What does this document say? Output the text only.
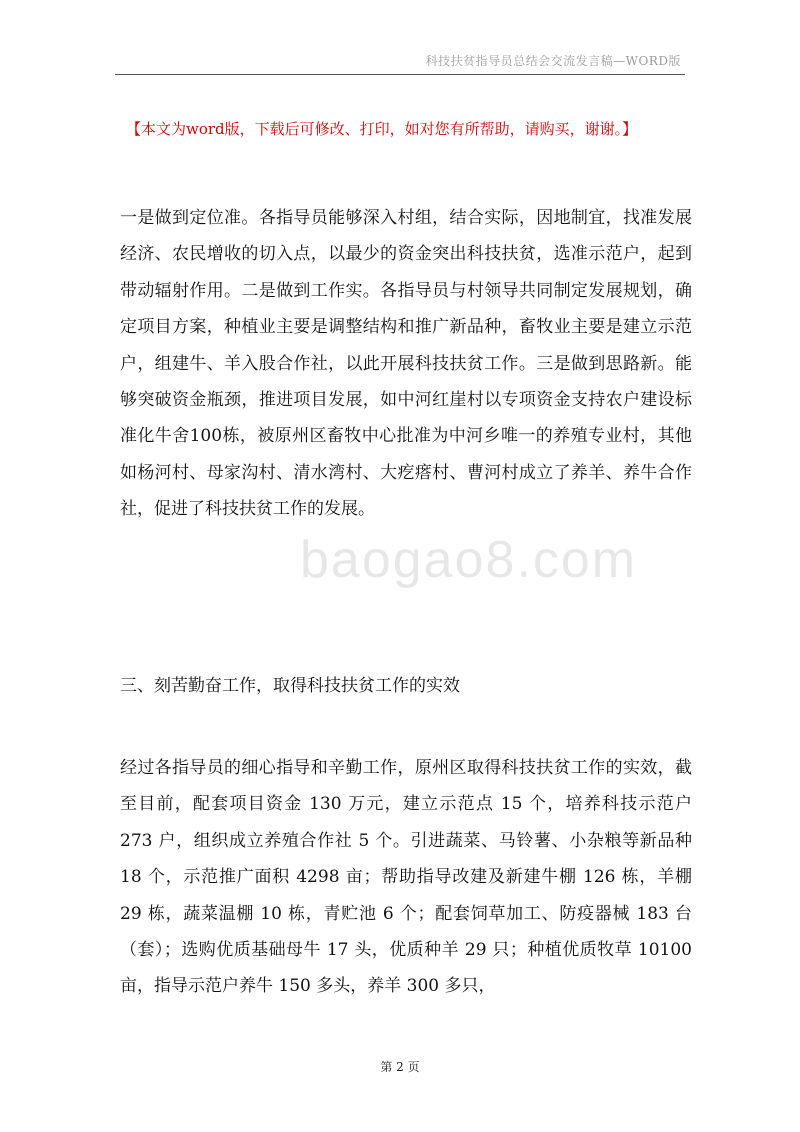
科技扶贫指导员总结会交流发言稿—WORD版
【本文为word版，下载后可修改、打印，如对您有所帮助，请购买，谢谢。】

一是做到定位准。各指导员能够深入村组，结合实际，因地制宜，找准发展经济、农民增收的切入点，以最少的资金突出科技扶贫，选准示范户，起到带动辐射作用。二是做到工作实。各指导员与村领导共同制定发展规划，确定项目方案，种植业主要是调整结构和推广新品种，畜牧业主要是建立示范户，组建牛、羊入股合作社，以此开展科技扶贫工作。三是做到思路新。能够突破资金瓶颈，推进项目发展，如中河红崖村以专项资金支持农户建设标准化牛舍100栋，被原州区畜牧中心批准为中河乡唯一的养殖专业村，其他如杨河村、母家沟村、清水湾村、大疙瘩村、曹河村成立了养羊、养牛合作社，促进了科技扶贫工作的发展。

三、刻苦勤奋工作，取得科技扶贫工作的实效

经过各指导员的细心指导和辛勤工作，原州区取得科技扶贫工作的实效，截至目前，配套项目资金 130 万元，建立示范点 15 个，培养科技示范户 273 户，组织成立养殖合作社 5 个。引进蔬菜、马铃薯、小杂粮等新品种 18 个，示范推广面积 4298 亩；帮助指导改建及新建牛棚 126 栋，羊棚 29 栋，蔬菜温棚 10 栋，青贮池 6 个；配套饲草加工、防疫器械 183 台（套）；选购优质基础母牛 17 头，优质种羊 29 只；种植优质牧草 10100 亩，指导示范户养牛 150 多头，养羊 300 多只，

baogao8.com
第 2 页
